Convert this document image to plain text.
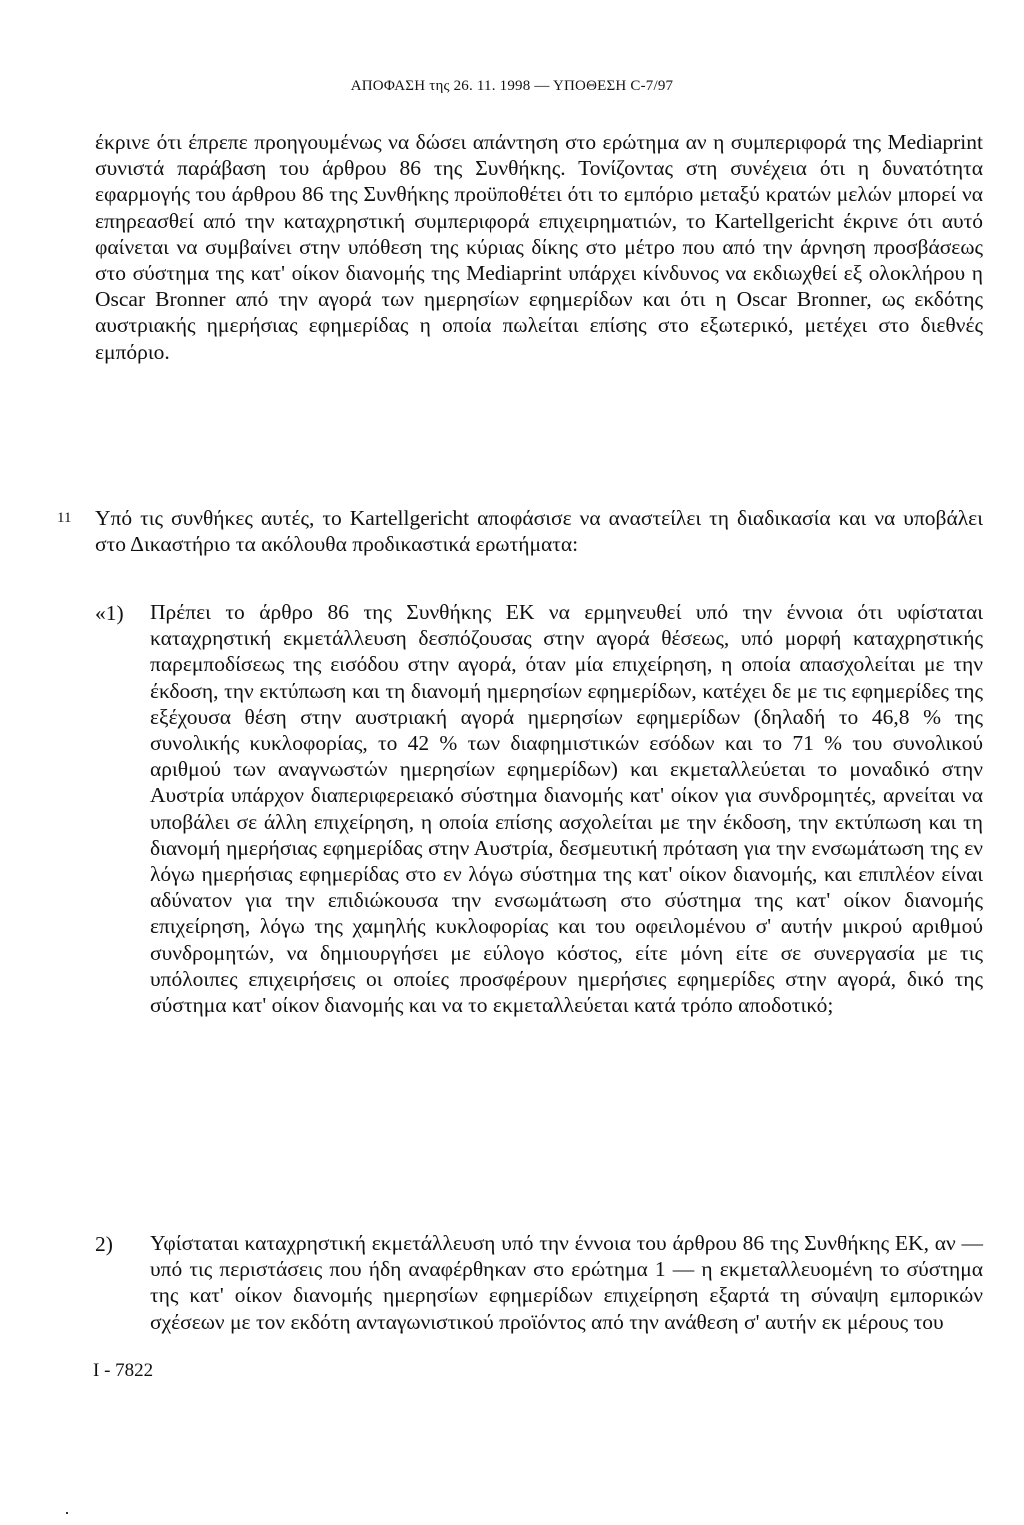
ΑΠΟΦΑΣΗ της 26. 11. 1998 — ΥΠΟΘΕΣΗ C-7/97

έκρινε ότι έπρεπε προηγουμένως να δώσει απάντηση στο ερώτημα αν η συμπεριφορά της Mediaprint συνιστά παράβαση του άρθρου 86 της Συνθήκης. Τονίζοντας στη συνέχεια ότι η δυνατότητα εφαρμογής του άρθρου 86 της Συνθήκης προϋποθέτει ότι το εμπόριο μεταξύ κρατών μελών μπορεί να επηρεασθεί από την καταχρηστική συμπεριφορά επιχειρηματιών, το Kartellgericht έκρινε ότι αυτό φαίνεται να συμβαίνει στην υπόθεση της κύριας δίκης στο μέτρο που από την άρνηση προσβάσεως στο σύστημα της κατ' οίκον διανομής της Mediaprint υπάρχει κίνδυνος να εκδιωχθεί εξ ολοκλήρου η Oscar Bronner από την αγορά των ημερησίων εφημερίδων και ότι η Oscar Bronner, ως εκδότης αυστριακής ημερήσιας εφημερίδας η οποία πωλείται επίσης στο εξωτερικό, μετέχει στο διεθνές εμπόριο.

11 Υπό τις συνθήκες αυτές, το Kartellgericht αποφάσισε να αναστείλει τη διαδικασία και να υποβάλει στο Δικαστήριο τα ακόλουθα προδικαστικά ερωτήματα:

«1) Πρέπει το άρθρο 86 της Συνθήκης ΕΚ να ερμηνευθεί υπό την έννοια ότι υφίσταται καταχρηστική εκμετάλλευση δεσπόζουσας στην αγορά θέσεως, υπό μορφή καταχρηστικής παρεμποδίσεως της εισόδου στην αγορά, όταν μία επιχείρηση, η οποία απασχολείται με την έκδοση, την εκτύπωση και τη διανομή ημερησίων εφημερίδων, κατέχει δε με τις εφημερίδες της εξέχουσα θέση στην αυστριακή αγορά ημερησίων εφημερίδων (δηλαδή το 46,8 % της συνολικής κυκλοφορίας, το 42 % των διαφημιστικών εσόδων και το 71 % του συνολικού αριθμού των αναγνωστών ημερησίων εφημερίδων) και εκμεταλλεύεται το μοναδικό στην Αυστρία υπάρχον διαπεριφερειακό σύστημα διανομής κατ' οίκον για συνδρομητές, αρνείται να υποβάλει σε άλλη επιχείρηση, η οποία επίσης ασχολείται με την έκδοση, την εκτύπωση και τη διανομή ημερήσιας εφημερίδας στην Αυστρία, δεσμευτική πρόταση για την ενσωμάτωση της εν λόγω ημερήσιας εφημερίδας στο εν λόγω σύστημα της κατ' οίκον διανομής, και επιπλέον είναι αδύνατον για την επιδιώκουσα την ενσωμάτωση στο σύστημα της κατ' οίκον διανομής επιχείρηση, λόγω της χαμηλής κυκλοφορίας και του οφειλομένου σ' αυτήν μικρού αριθμού συνδρομητών, να δημιουργήσει με εύλογο κόστος, είτε μόνη είτε σε συνεργασία με τις υπόλοιπες επιχειρήσεις οι οποίες προσφέρουν ημερήσιες εφημερίδες στην αγορά, δικό της σύστημα κατ' οίκον διανομής και να το εκμεταλλεύεται κατά τρόπο αποδοτικό;

2) Υφίσταται καταχρηστική εκμετάλλευση υπό την έννοια του άρθρου 86 της Συνθήκης ΕΚ, αν — υπό τις περιστάσεις που ήδη αναφέρθηκαν στο ερώτημα 1 — η εκμεταλλευομένη το σύστημα της κατ' οίκον διανομής ημερησίων εφημερίδων επιχείρηση εξαρτά τη σύναψη εμπορικών σχέσεων με τον εκδότη ανταγωνιστικού προϊόντος από την ανάθεση σ' αυτήν εκ μέρους του

I - 7822
